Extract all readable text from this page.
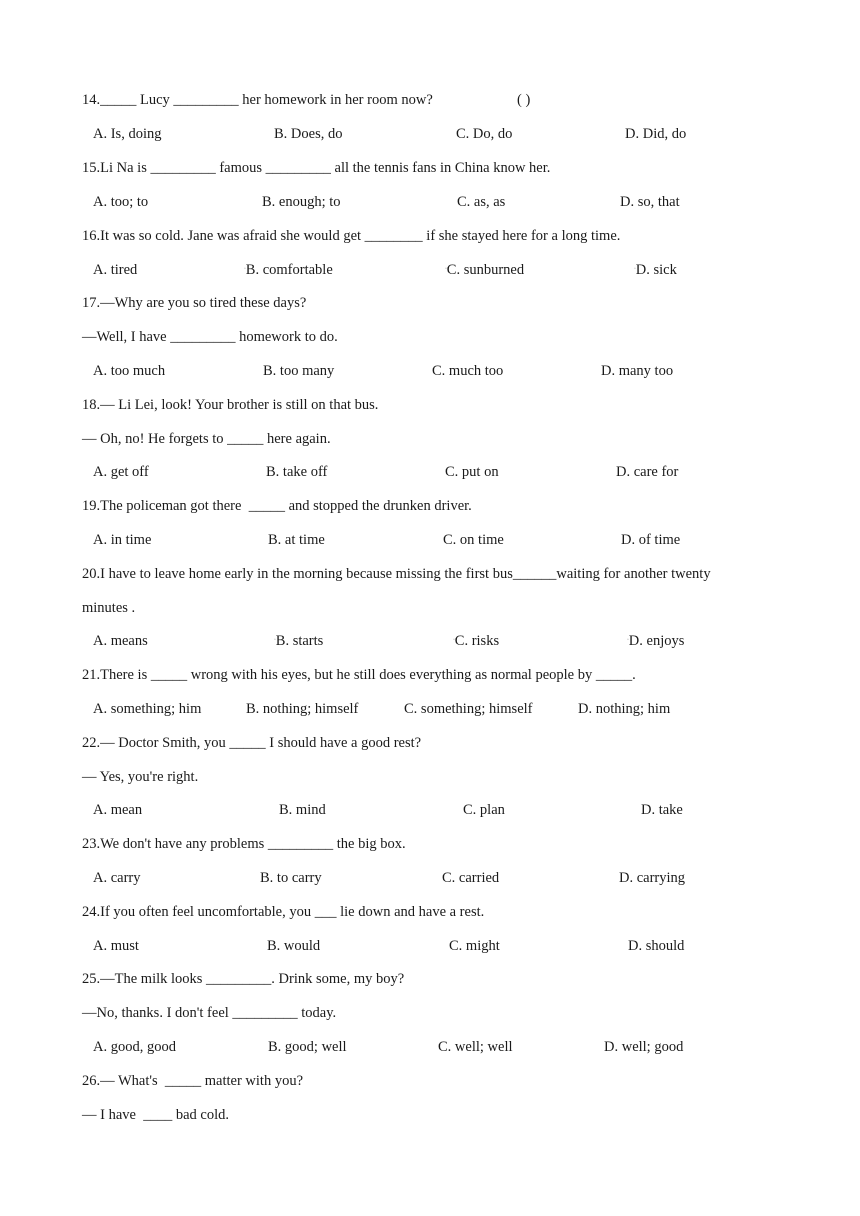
14._____ Lucy _________ her homework in her room now?	( )
A. Is, doing	B. Does, do	C. Do, do	D. Did, do
15.Li Na is _________ famous _________ all the tennis fans in China know her.
A. too; to	B. enough; to	C. as, as	D. so, that
16.It was so cold. Jane was afraid she would get ________ if she stayed here for a long time.
A. tired	▫B. comfortable	▫C. sunburned	▫D. sick
17.—Why are you so tired these days?
—Well, I have _________ homework to do.
A. too much	B. too many	C. much too	D. many too
18.— Li Lei, look! Your brother is still on that bus.
— Oh, no! He forgets to _____ here again.
A. get off	B. take off	C. put on	D. care for
19.The policeman got there  _____ and stopped the drunken driver.
A. in time	B. at time	C. on time	D. of time
20.I have to leave home early in the morning because missing the first bus______waiting for another twenty
minutes .
A. means	▫B. starts	▫C. risks	▫D. enjoys
21.There is _____ wrong with his eyes, but he still does everything as normal people by _____.
A. something; him	B. nothing; himself	C. something; himself	D. nothing; him
22.— Doctor Smith, you _____ I should have a good rest?
— Yes, you're right.
A. mean	B. mind	C. plan	D. take
23.We don't have any problems _________ the big box.
A. carry	B. to carry	C. carried	D. carrying
24.If you often feel uncomfortable, you ___ lie down and have a rest.
A. must	B. would	C. might	D. should
25.—The milk looks _________. Drink some, my boy?
—No, thanks. I don't feel _________ today.
A. good, good	B. good; well	C. well; well	D. well; good
26.— What's  _____ matter with you?
— I have  ____ bad cold.
